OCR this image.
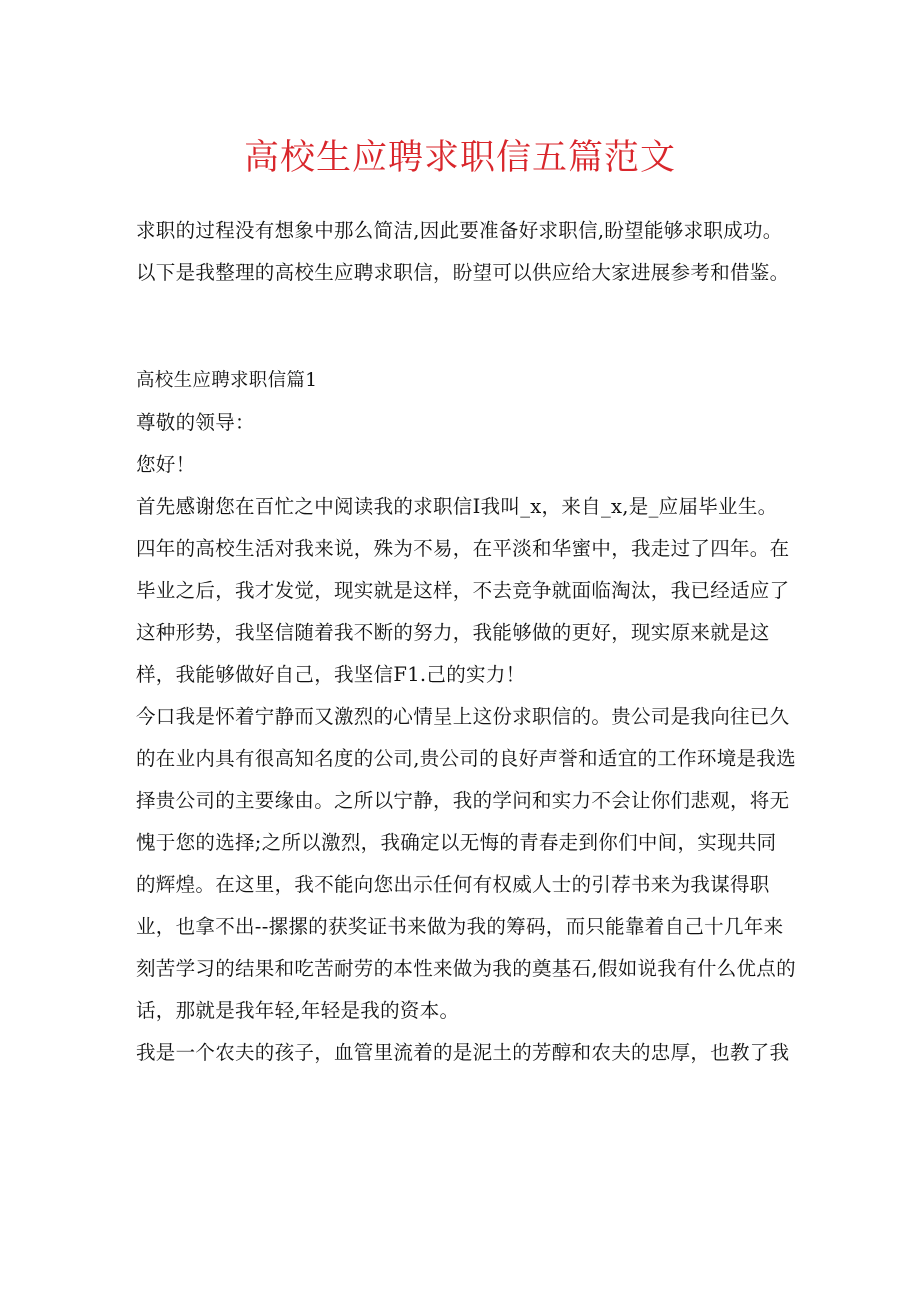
高校生应聘求职信五篇范文

求职的过程没有想象中那么简洁,因此要准备好求职信,盼望能够求职成功。以下是我整理的高校生应聘求职信，盼望可以供应给大家进展参考和借鉴。

高校生应聘求职信篇1

尊敬的领导：

您好！

首先感谢您在百忙之中阅读我的求职信I我叫_x，来自_x,是_应届毕业生。

四年的高校生活对我来说，殊为不易，在平淡和华蜜中，我走过了四年。在毕业之后，我才发觉，现实就是这样，不去竞争就面临淘汰，我已经适应了这种形势，我坚信随着我不断的努力，我能够做的更好，现实原来就是这样，我能够做好自己，我坚信F1.己的实力！

今口我是怀着宁静而又激烈的心情呈上这份求职信的。贵公司是我向往已久的在业内具有很高知名度的公司,贵公司的良好声誉和适宜的工作环境是我选择贵公司的主要缘由。之所以宁静，我的学问和实力不会让你们悲观，将无愧于您的选择;之所以激烈，我确定以无悔的青春走到你们中间，实现共同的辉煌。在这里，我不能向您出示任何有权威人士的引荐书来为我谋得职业，也拿不出--摞摞的获奖证书来做为我的筹码，而只能靠着自己十几年来刻苦学习的结果和吃苦耐劳的本性来做为我的奠基石,假如说我有什么优点的话，那就是我年轻,年轻是我的资本。

我是一个农夫的孩子，血管里流着的是泥土的芳醇和农夫的忠厚，也教了我
